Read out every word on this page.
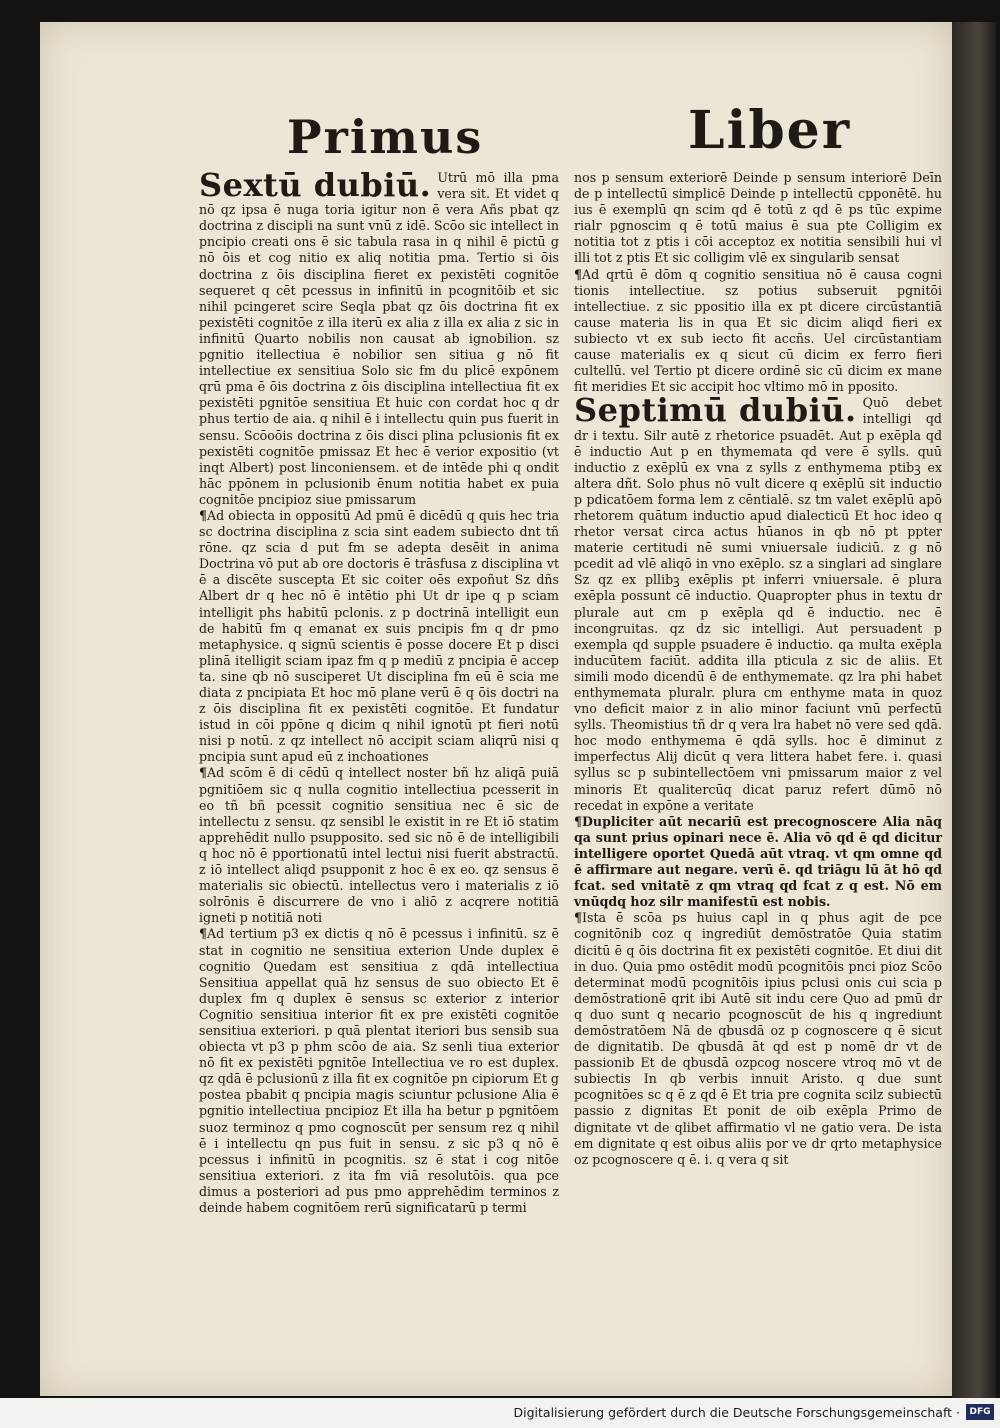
Primus	Liber

Sextū dubiū. Utrū mō illa pma vera sit. Et videt q nō qz ipsa ē nuga toria igitur non ē vera Añs pbat qz doctrina z discipli na sunt vnū z idē. Scōo sic intellect in pncipio creati ons ē sic tabula rasa in q nihil ē pictū g nō ōis et cog nitio ex aliq notitia pma. Tertio si ōis doctrina z ōis disciplina fieret ex pexistēti cognitōe sequeret q cēt pcessus in infinitū in pcognitōib et sic nihil pcingeret scire Seqla pbat qz ōis doctrina fit ex pexistēti cognitōe z illa iterū ex alia z illa ex alia z sic in infinitū Quarto nobilis non causat ab ignobilion. sz pgnitio itellectiua ē nobilior sen sitiua g nō fit intellectiue ex sensitiua Solo sic fm du plicē expōnem qrū pma ē ōis doctrina z ōis disciplina intellectiua fit ex pexistēti pgnitōe sensitiua Et huic con cordat hoc q dr phus tertio de aia. q nihil ē i intellectu quin pus fuerit in sensu. Scōoōis doctrina z ōis disci plina pclusionis fit ex pexistēti cognitōe pmissaz Et hec ē verior expositio (vt inqt Albert) post linconiensem. et de intēde phi q ondit hāc ppōnem in pclusionib ēnum notitia habet ex puia cognitōe pncipioz siue pmissarum

¶Ad obiecta in oppositū Ad pmū ē dicēdū q quis hec tria sc doctrina disciplina z scia sint eadem subiecto dnt tñ rōne. qz scia d put fm se adepta desēit in anima Doctrina vō put ab ore doctoris ē trāsfusa z disciplina vt ē a discēte suscepta Et sic coiter oēs expoñut Sz dñs Albert dr q hec nō ē intētio phi Ut dr ipe q p sciam intelligit phs habitū pclonis. z p doctrinā intelligit eun de habitū fm q emanat ex suis pncipis fm q dr pmo metaphysice. q signū scientis ē posse docere Et p disci plinā itelligit sciam ipaz fm q p mediū z pncipia ē accep ta. sine qb nō susciperet Ut disciplina fm eū ē scia me diata z pncipiata Et hoc mō plane verū ē q ōis doctri na z ōis disciplina fit ex pexistēti cognitōe. Et fundatur istud in cōi ppōne q dicim q nihil ignotū pt fieri notū nisi p notū. z qz intellect nō accipit sciam aliqrū nisi q pncipia sunt apud eū z inchoationes

¶Ad scōm ē di cēdū q intellect noster bñ hz aliqā puiā pgnitiōem sic q nulla cognitio intellectiua pcesserit in eo tñ bñ pcessit cognitio sensitiua nec ē sic de intellectu z sensu. qz sensibl le existit in re Et iō statim apprehēdit nullo psupposito. sed sic nō ē de intelligibili q hoc nō ē pportionatū intel lectui nisi fuerit abstractū. z iō intellect aliqd psupponit z hoc ē ex eo. qz sensus ē materialis sic obiectū. intellectus vero i materialis z iō solrōnis ē discurrere de vno i aliō z acqrere notitiā igneti p notitiā noti

¶Ad tertium p3 ex dictis q nō ē pcessus i infinitū. sz ē stat in cognitio ne sensitiua exterion Unde duplex ē cognitio Quedam est sensitiua z qdā intellectiua Sensitiua appellat quā hz sensus de suo obiecto Et ē duplex fm q duplex ē sensus sc exterior z interior Cognitio sensitiua interior fit ex pre existēti cognitōe sensitiua exteriori. p quā plentat iteriori bus sensib sua obiecta vt p3 p phm scōo de aia. Sz senli tiua exterior nō fit ex pexistēti pgnitōe Intellectiua ve ro est duplex. qz qdā ē pclusionū z illa fit ex cognitōe pn cipiorum Et g postea pbabit q pncipia magis sciuntur pclusione Alia ē pgnitio intellectiua pncipioz Et illa ha betur p pgnitōem suoz terminoz q pmo cognoscūt per sensum rez q nihil ē i intellectu qn pus fuit in sensu. z sic p3 q nō ē pcessus i infinitū in pcognitis. sz ē stat i cog nitōe sensitiua exteriori. z ita fm viā resolutōis. qua pce dimus a posteriori ad pus pmo apprehēdim terminos z deinde habem cognitōem rerū significatarū p termi

nos p sensum exteriorē Deinde p sensum interiorē Deīn de p intellectū simplicē Deinde p intellectū cpponētē. hu ius ē exemplū qn scim qd ē totū z qd ē ps tūc expime rialr pgnoscim q ē totū maius ē sua pte Colligim ex notitia tot z ptis i cōi acceptoz ex notitia sensibili hui vl illi tot z ptis Et sic colligim vlē ex singularib sensat

¶Ad qrtū ē dōm q cognitio sensitiua nō ē causa cogni tionis intellectiue. sz potius subseruit pgnitōi intellectiue. z sic ppositio illa ex pt dicere circūstantiā cause materia lis in qua Et sic dicim aliqd fieri ex subiecto vt ex sub iecto fit accñs. Uel circūstantiam cause materialis ex q sicut cū dicim ex ferro fieri cultellū. vel Tertio pt dicere ordinē sic cū dicim ex mane fit meridies Et sic accipit hoc vltimo mō in pposito.

Septimū dubiū. Quō debet intelligi qd dr i textu. Silr autē z rhetorice psuadēt. Aut p exēpla qd ē inductio Aut p en thymemata qd vere ē sylls. quū inductio z exēplū ex vna z sylls z enthymema ptibꝫ ex altera dñt. Solo phus nō vult dicere q exēplū sit inductio p pdicatōem forma lem z cēntialē. sz tm valet exēplū apō rhetorem quātum inductio apud dialecticū Et hoc ideo q rhetor versat circa actus hūanos in qb nō pt ppter materie certitudi nē sumi vniuersale iudiciū. z g nō pcedit ad vlē aliqō in vno exēplo. sz a singlari ad singlare Sz qz ex pllibꝫ exēplis pt inferri vniuersale. ē plura exēpla possunt cē inductio. Quapropter phus in textu dr plurale aut cm p exēpla qd ē inductio. nec ē incongruitas. qz dz sic intelligi. Aut persuadent p exempla qd supple psuadere ē inductio. qa multa exēpla inducūtem faciūt. addita illa pticula z sic de aliis. Et simili modo dicendū ē de enthymemate. qz lra phi habet enthymemata pluralr. plura cm enthyme mata in quoz vno deficit maior z in alio minor faciunt vnū perfectū sylls. Theomistius tñ dr q vera lra habet nō vere sed qdā. hoc modo enthymema ē qdā sylls. hoc ē diminut z imperfectus Alij dicūt q vera littera habet fere. i. quasi syllus sc p subintellectōem vni pmissarum maior z vel minoris Et qualitercūq dicat paruz refert dūmō nō recedat in expōne a veritate

¶Dupliciter aūt necariū est precognoscere Alia nāq qa sunt prius opinari nece ē. Alia vō qd ē qd dicitur intelligere oportet Quedā aūt vtraq. vt qm omne qd ē affirmare aut negare. verū ē. qd triāgu lū āt hō qd fcat. sed vnitatē z qm vtraq qd fcat z q est. Nō em vnūqdq hoz silr manifestū est nobis.

¶Ista ē scōa ps huius capl in q phus agit de pce cognitōnib coz q ingrediūt demōstratōe Quia statim dicitū ē q ōis doctrina fit ex pexistēti cognitōe. Et diui dit in duo. Quia pmo ostēdit modū pcognitōis pnci pioz Scōo determinat modū pcognitōis ipius pclusi onis cui scia p demōstrationē qrit ibi Autē sit indu cere Quo ad pmū dr q duo sunt q necario pcognoscūt de his q ingrediunt demōstratōem Nā de qbusdā oz p cognoscere q ē sicut de dignitatib. De qbusdā āt qd est p nomē dr vt de passionib Et de qbusdā ozpcog noscere vtroq mō vt de subiectis In qb verbis innuit Aristo. q due sunt pcognitōes sc q ē z qd ē Et tria pre cognita scilz subiectū passio z dignitas Et ponit de oib exēpla Primo de dignitate vt de qlibet affirmatio vl ne gatio vera. De ista em dignitate q est oibus aliis por ve dr qrto metaphysice oz pcognoscere q ē. i. q vera q sit

Digitalisierung gefördert durch die Deutsche Forschungsgemeinschaft ·	DFG
